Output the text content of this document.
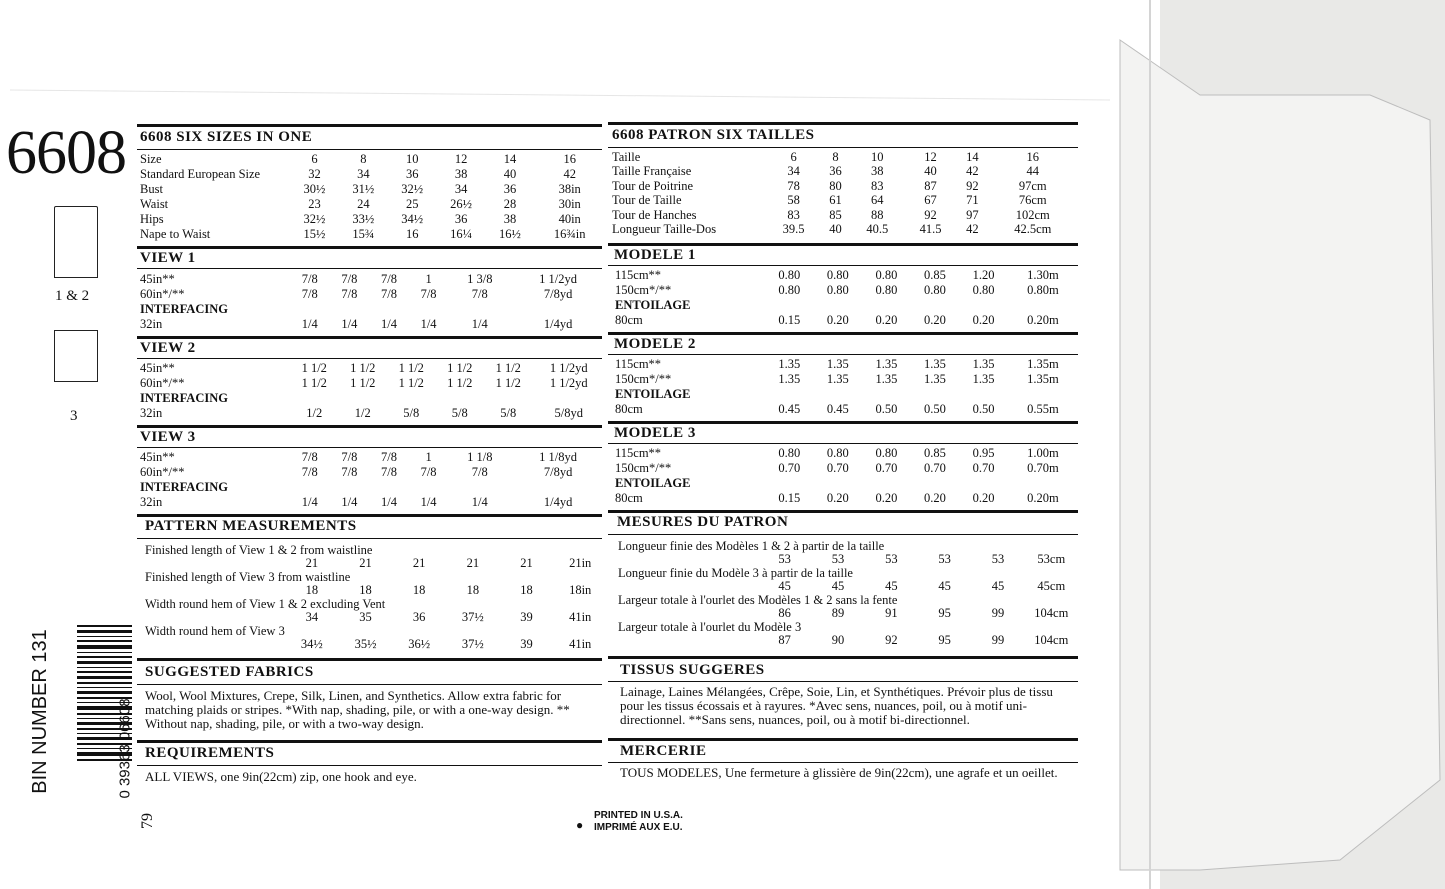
6608
1 & 2
3
BIN NUMBER 131	0 39363 06608
79
6608 SIX SIZES IN ONE
Size	6	8	10	12	14	16
Standard European Size	32	34	36	38	40	42
Bust	30½	31½	32½	34	36	38in
Waist	23	24	25	26½	28	30in
Hips	32½	33½	34½	36	38	40in
Nape to Waist	15½	15¾	16	16¼	16½	16¾in
VIEW 1
45in**	7/8	7/8	7/8	1	1 3/8	1 1/2yd
60in*/**	7/8	7/8	7/8	7/8	7/8	7/8yd
INTERFACING						
32in	1/4	1/4	1/4	1/4	1/4	1/4yd
VIEW 2
45in**	1 1/2	1 1/2	1 1/2	1 1/2	1 1/2	1 1/2yd
60in*/**	1 1/2	1 1/2	1 1/2	1 1/2	1 1/2	1 1/2yd
INTERFACING						
32in	1/2	1/2	5/8	5/8	5/8	5/8yd
VIEW 3
45in**	7/8	7/8	7/8	1	1 1/8	1 1/8yd
60in*/**	7/8	7/8	7/8	7/8	7/8	7/8yd
INTERFACING						
32in	1/4	1/4	1/4	1/4	1/4	1/4yd
PATTERN MEASUREMENTS
Finished length of View 1 & 2 from waistline
21	21	21	21	21	21in
Finished length of View 3 from waistline
18	18	18	18	18	18in
Width round hem of View 1 & 2 excluding Vent
34	35	36	37½	39	41in
Width round hem of View 3
34½	35½	36½	37½	39	41in
SUGGESTED FABRICS
Wool, Wool Mixtures, Crepe, Silk, Linen, and Synthetics. Allow extra fabric for matching plaids or stripes. *With nap, shading, pile, or with a one-way design. ** Without nap, shading, pile, or with a two-way design.
REQUIREMENTS
ALL VIEWS, one 9in(22cm) zip, one hook and eye.
6608 PATRON SIX TAILLES
Taille	6	8	10	12	14	16
Taille Française	34	36	38	40	42	44
Tour de Poitrine	78	80	83	87	92	97cm
Tour de Taille	58	61	64	67	71	76cm
Tour de Hanches	83	85	88	92	97	102cm
Longueur Taille-Dos	39.5	40	40.5	41.5	42	42.5cm
MODELE 1
115cm**	0.80	0.80	0.80	0.85	1.20	1.30m
150cm*/**	0.80	0.80	0.80	0.80	0.80	0.80m
ENTOILAGE						
80cm	0.15	0.20	0.20	0.20	0.20	0.20m
MODELE 2
115cm**	1.35	1.35	1.35	1.35	1.35	1.35m
150cm*/**	1.35	1.35	1.35	1.35	1.35	1.35m
ENTOILAGE						
80cm	0.45	0.45	0.50	0.50	0.50	0.55m
MODELE 3
115cm**	0.80	0.80	0.80	0.85	0.95	1.00m
150cm*/**	0.70	0.70	0.70	0.70	0.70	0.70m
ENTOILAGE						
80cm	0.15	0.20	0.20	0.20	0.20	0.20m
MESURES DU PATRON
Longueur finie des Modèles 1 & 2 à partir de la taille
53	53	53	53	53	53cm
Longueur finie du Modèle 3 à partir de la taille
45	45	45	45	45	45cm
Largeur totale à l'ourlet des Modèles 1 & 2 sans la fente
86	89	91	95	99	104cm
Largeur totale à l'ourlet du Modèle 3
87	90	92	95	99	104cm
TISSUS SUGGERES
Lainage, Laines Mélangées, Crêpe, Soie, Lin, et Synthétiques. Prévoir plus de tissu pour les tissus écossais et à rayures. *Avec sens, nuances, poil, ou à motif uni-directionnel. **Sans sens, nuances, poil, ou à motif bi-directionnel.
MERCERIE
TOUS MODELES, Une fermeture à glissière de 9in(22cm), une agrafe et un oeillet.
●
PRINTED IN U.S.A.
IMPRIMÉ AUX E.U.
